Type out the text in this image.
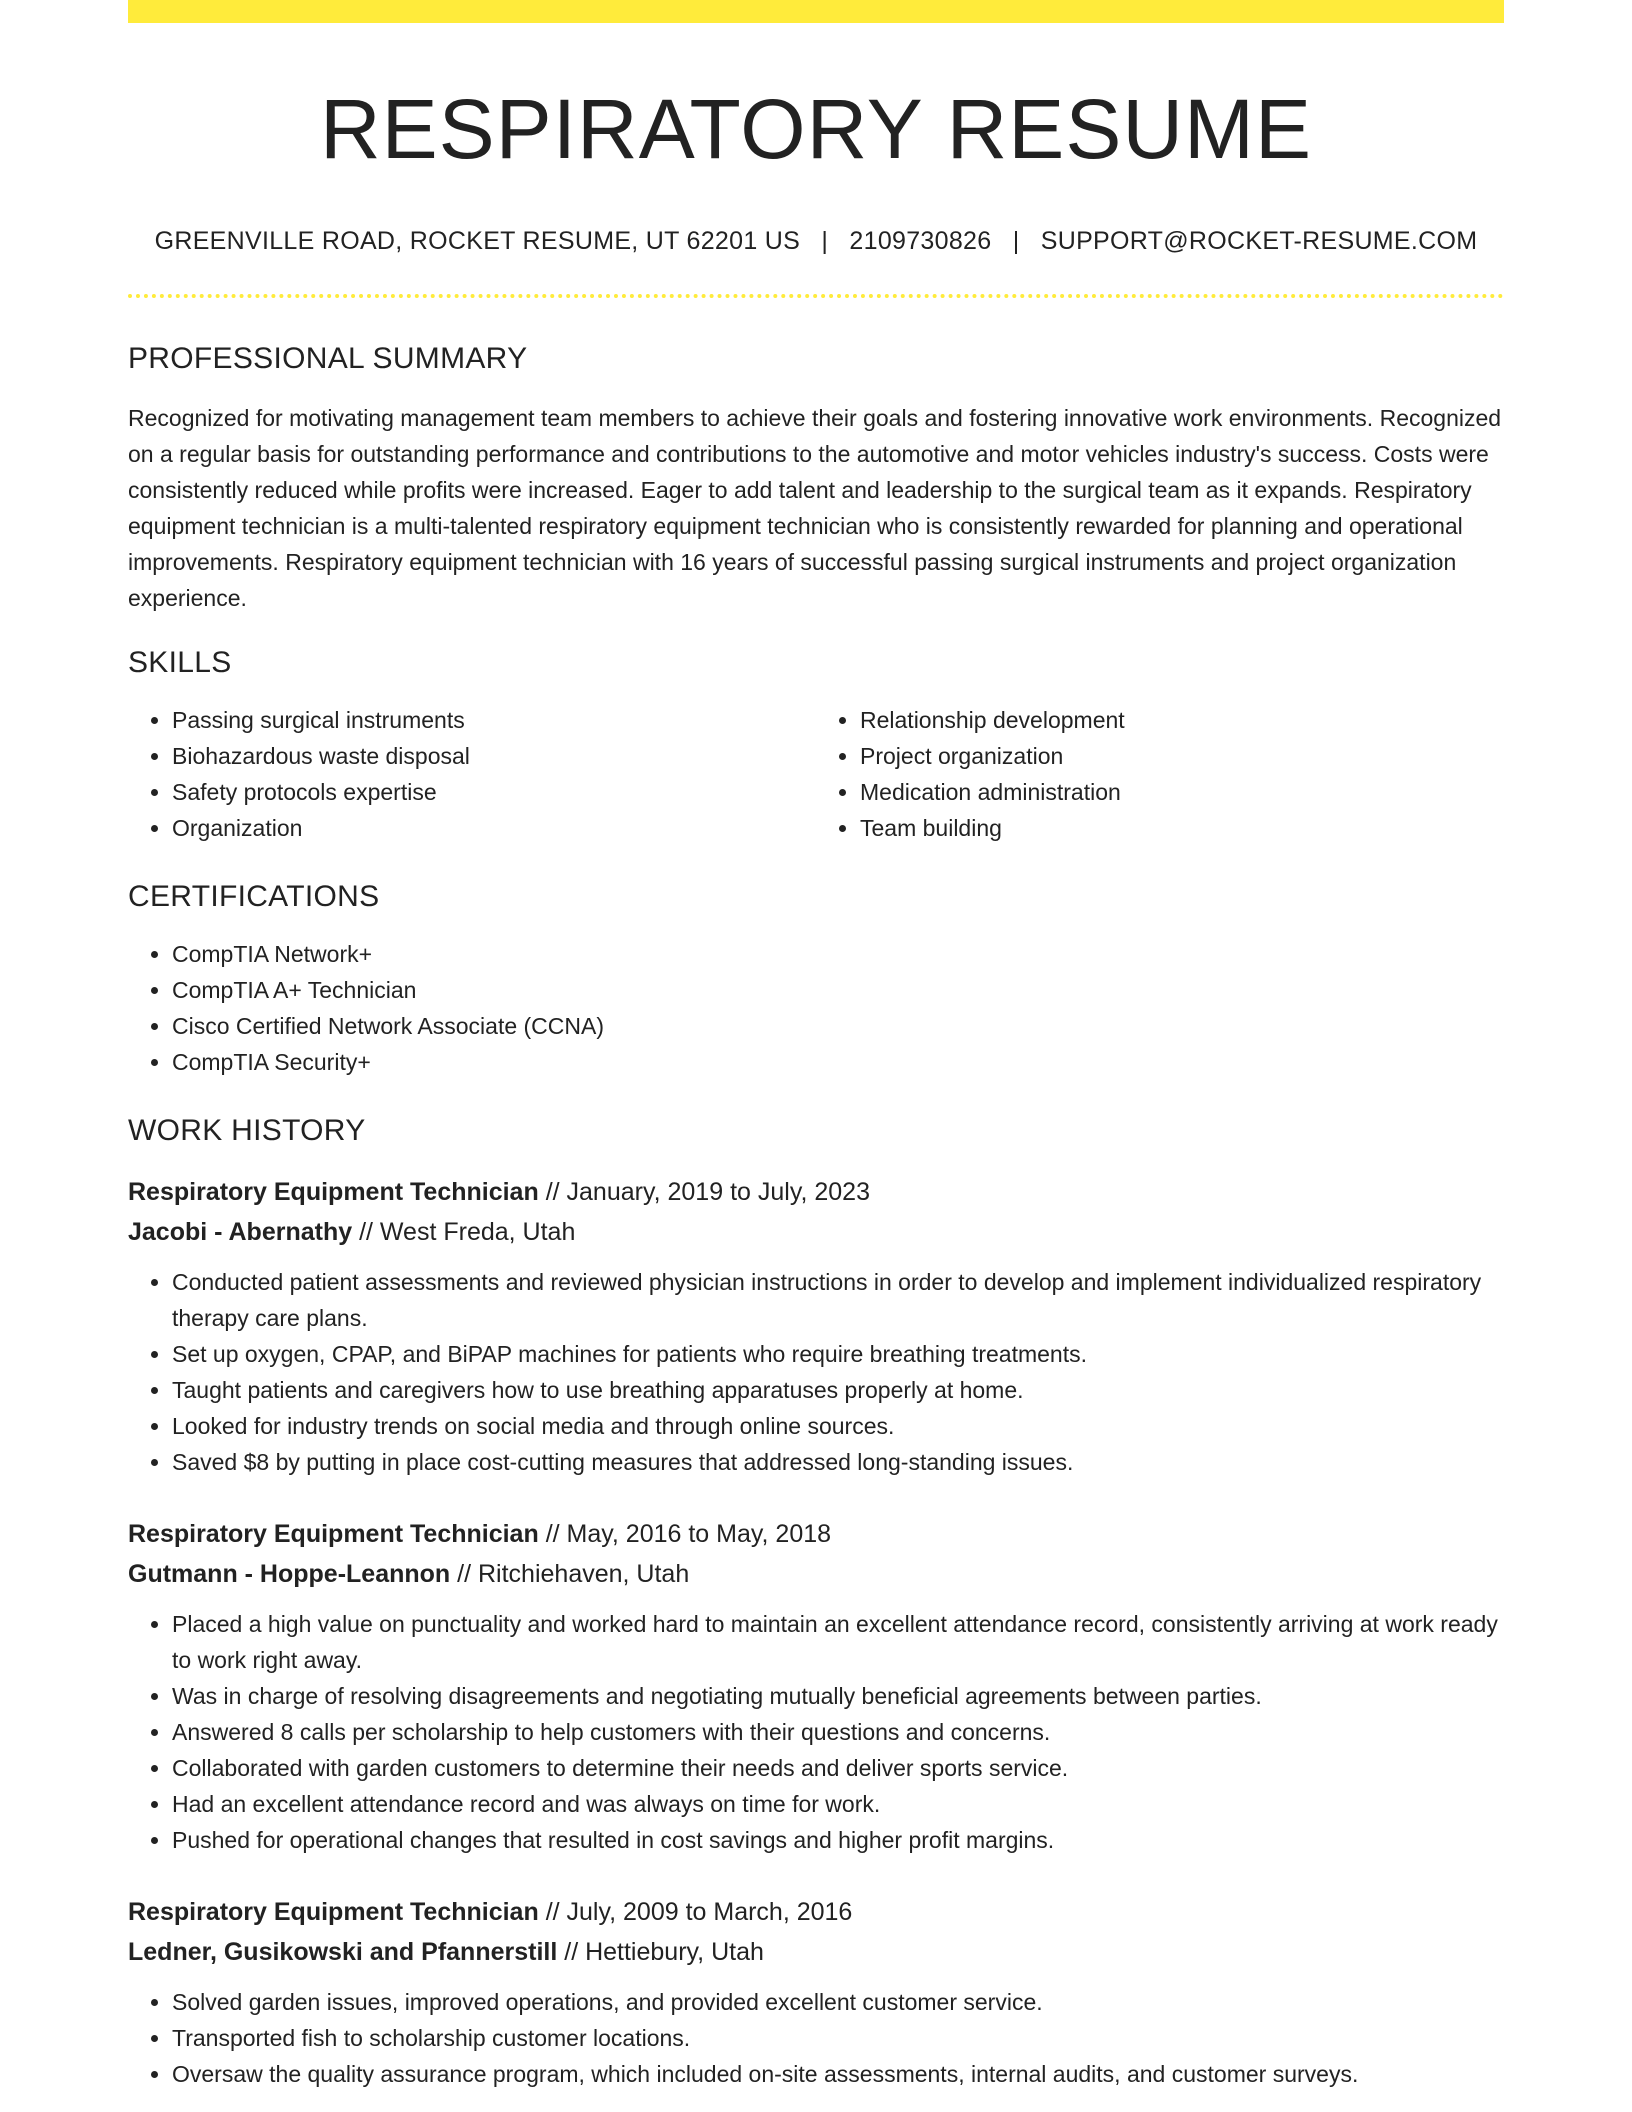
RESPIRATORY RESUME
GREENVILLE ROAD, ROCKET RESUME, UT 62201 US | 2109730826 | SUPPORT@ROCKET-RESUME.COM
PROFESSIONAL SUMMARY
Recognized for motivating management team members to achieve their goals and fostering innovative work environments. Recognized on a regular basis for outstanding performance and contributions to the automotive and motor vehicles industry's success. Costs were consistently reduced while profits were increased. Eager to add talent and leadership to the surgical team as it expands. Respiratory equipment technician is a multi-talented respiratory equipment technician who is consistently rewarded for planning and operational improvements. Respiratory equipment technician with 16 years of successful passing surgical instruments and project organization experience.
SKILLS
• Passing surgical instruments
• Biohazardous waste disposal
• Safety protocols expertise
• Organization
• Relationship development
• Project organization
• Medication administration
• Team building
CERTIFICATIONS
• CompTIA Network+
• CompTIA A+ Technician
• Cisco Certified Network Associate (CCNA)
• CompTIA Security+
WORK HISTORY
Respiratory Equipment Technician // January, 2019 to July, 2023
Jacobi - Abernathy // West Freda, Utah
• Conducted patient assessments and reviewed physician instructions in order to develop and implement individualized respiratory therapy care plans.
• Set up oxygen, CPAP, and BiPAP machines for patients who require breathing treatments.
• Taught patients and caregivers how to use breathing apparatuses properly at home.
• Looked for industry trends on social media and through online sources.
• Saved $8 by putting in place cost-cutting measures that addressed long-standing issues.
Respiratory Equipment Technician // May, 2016 to May, 2018
Gutmann - Hoppe-Leannon // Ritchiehaven, Utah
• Placed a high value on punctuality and worked hard to maintain an excellent attendance record, consistently arriving at work ready to work right away.
• Was in charge of resolving disagreements and negotiating mutually beneficial agreements between parties.
• Answered 8 calls per scholarship to help customers with their questions and concerns.
• Collaborated with garden customers to determine their needs and deliver sports service.
• Had an excellent attendance record and was always on time for work.
• Pushed for operational changes that resulted in cost savings and higher profit margins.
Respiratory Equipment Technician // July, 2009 to March, 2016
Ledner, Gusikowski and Pfannerstill // Hettiebury, Utah
• Solved garden issues, improved operations, and provided excellent customer service.
• Transported fish to scholarship customer locations.
• Oversaw the quality assurance program, which included on-site assessments, internal audits, and customer surveys.
